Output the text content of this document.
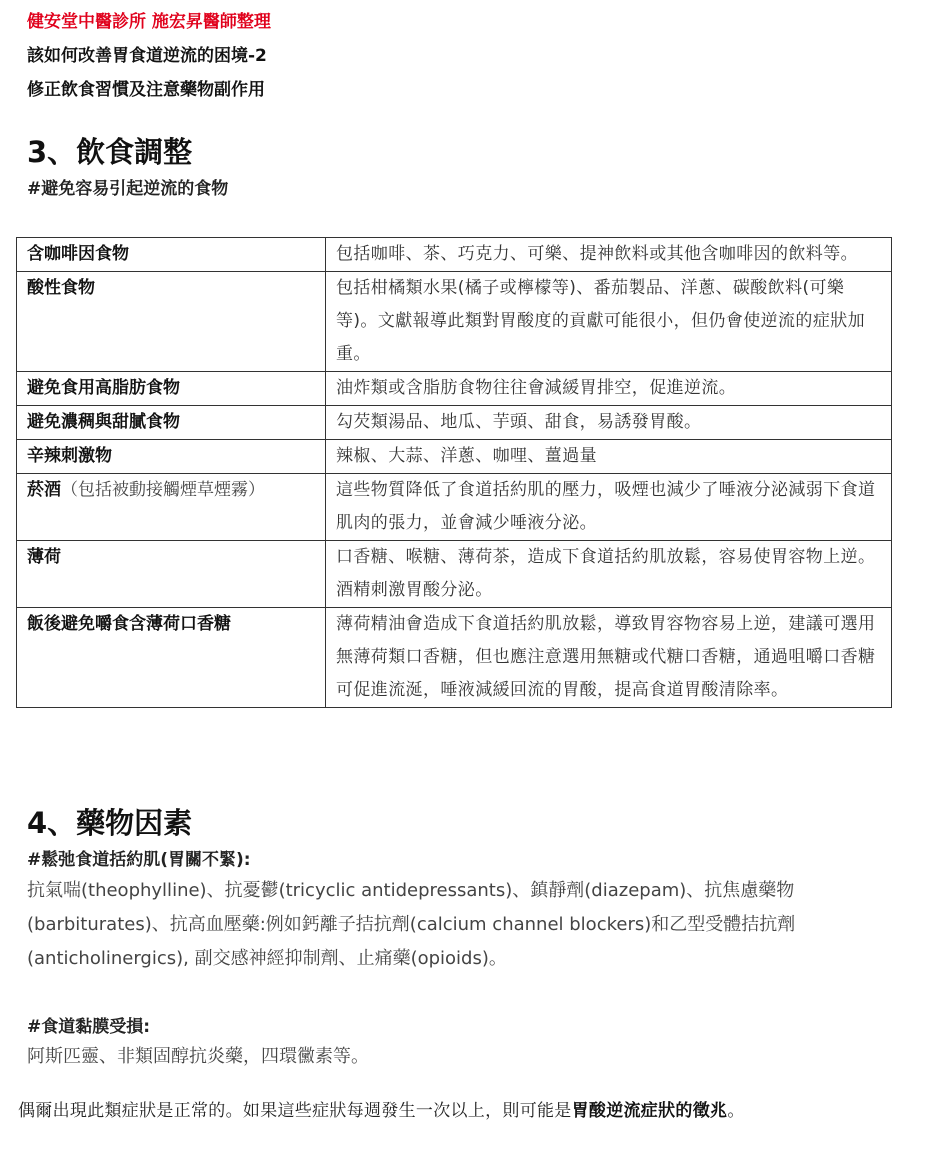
健安堂中醫診所 施宏昇醫師整理
該如何改善胃食道逆流的困境-2
修正飲食習慣及注意藥物副作用
3、飲食調整
#避免容易引起逆流的食物
含咖啡因食物	包括咖啡、茶、巧克力、可樂、提神飲料或其他含咖啡因的飲料等。
酸性食物	包括柑橘類水果(橘子或檸檬等)、番茄製品、洋蔥、碳酸飲料(可樂等)。文獻報導此類對胃酸度的貢獻可能很小，但仍會使逆流的症狀加重。
避免食用高脂肪食物	油炸類或含脂肪食物往往會減緩胃排空，促進逆流。
避免濃稠與甜膩食物	勾芡類湯品、地瓜、芋頭、甜食，易誘發胃酸。
辛辣刺激物	辣椒、大蒜、洋蔥、咖哩、薑過量
菸酒（包括被動接觸煙草煙霧）	這些物質降低了食道括約肌的壓力，吸煙也減少了唾液分泌減弱下食道肌肉的張力，並會減少唾液分泌。
薄荷	口香糖、喉糖、薄荷茶，造成下食道括約肌放鬆，容易使胃容物上逆。酒精刺激胃酸分泌。
飯後避免嚼食含薄荷口香糖	薄荷精油會造成下食道括約肌放鬆，導致胃容物容易上逆，建議可選用無薄荷類口香糖，但也應注意選用無糖或代糖口香糖，通過咀嚼口香糖可促進流涎，唾液減緩回流的胃酸，提高食道胃酸清除率。
4、藥物因素
#鬆弛食道括約肌(胃關不緊):
抗氣喘(theophylline)、抗憂鬱(tricyclic antidepressants)、鎮靜劑(diazepam)、抗焦慮藥物(barbiturates)、抗高血壓藥:例如鈣離子拮抗劑(calcium channel blockers)和乙型受體拮抗劑(anticholinergics), 副交感神經抑制劑、止痛藥(opioids)。
#食道黏膜受損:
阿斯匹靈、非類固醇抗炎藥，四環黴素等。
偶爾出現此類症狀是正常的。如果這些症狀每週發生一次以上，則可能是胃酸逆流症狀的徵兆。
